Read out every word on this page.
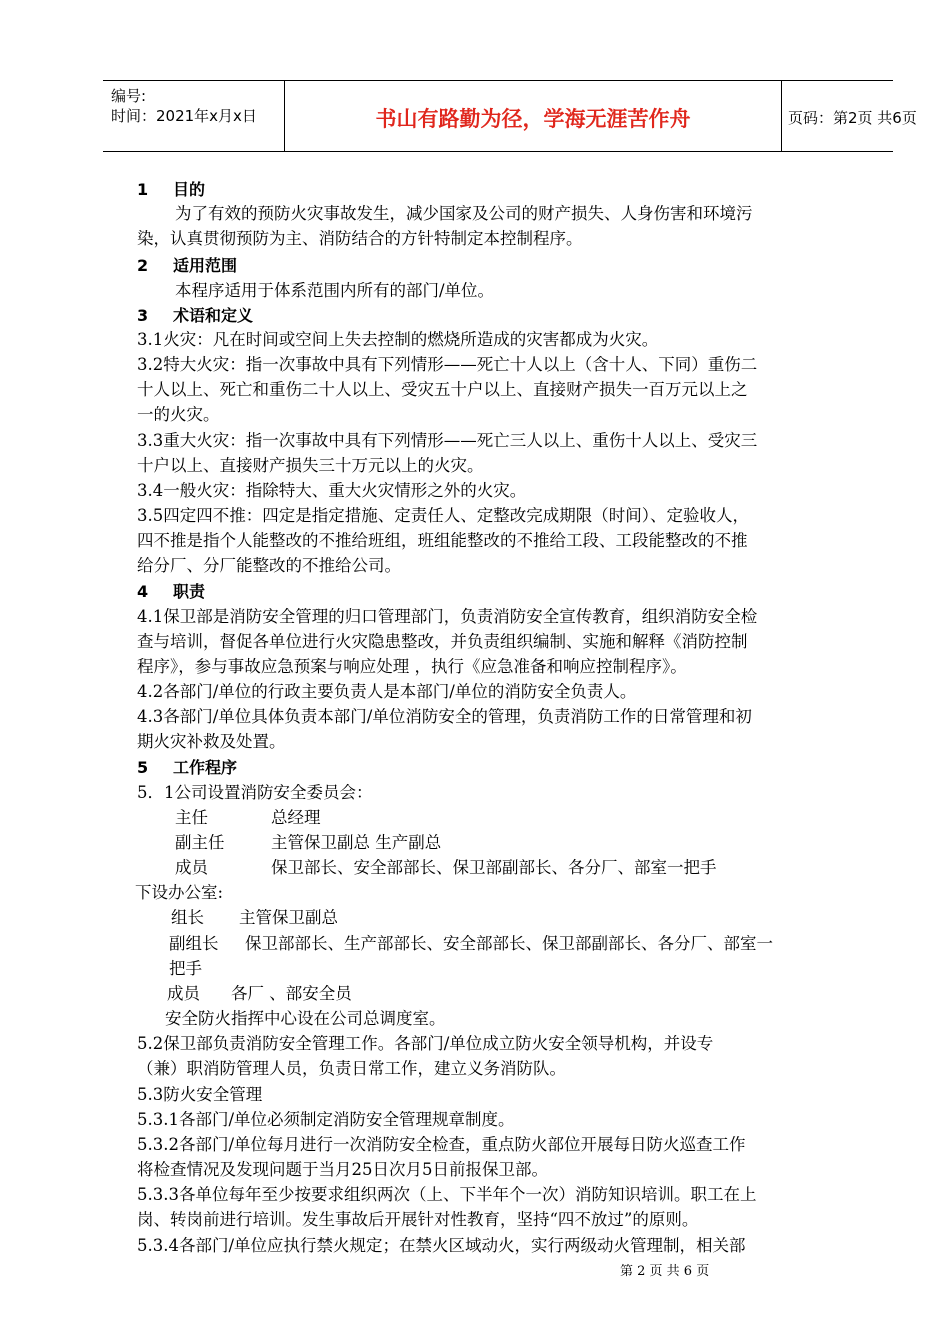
编号:
时间：2021年x月x日	书山有路勤为径，学海无涯苦作舟	页码：第2页 共6页
1 目的
为了有效的预防火灾事故发生，减少国家及公司的财产损失、人身伤害和环境污
染，认真贯彻预防为主、消防结合的方针特制定本控制程序。
2 适用范围
本程序适用于体系范围内所有的部门/单位。
3 术语和定义
3.1火灾：凡在时间或空间上失去控制的燃烧所造成的灾害都成为火灾。
3.2特大火灾：指一次事故中具有下列情形——死亡十人以上（含十人、下同）重伤二
十人以上、死亡和重伤二十人以上、受灾五十户以上、直接财产损失一百万元以上之
一的火灾。
3.3重大火灾：指一次事故中具有下列情形——死亡三人以上、重伤十人以上、受灾三
十户以上、直接财产损失三十万元以上的火灾。
3.4一般火灾：指除特大、重大火灾情形之外的火灾。
3.5四定四不推：四定是指定措施、定责任人、定整改完成期限（时间）、定验收人，
四不推是指个人能整改的不推给班组，班组能整改的不推给工段、工段能整改的不推
给分厂、分厂能整改的不推给公司。
4 职责
4.1保卫部是消防安全管理的归口管理部门，负责消防安全宣传教育，组织消防安全检
查与培训，督促各单位进行火灾隐患整改，并负责组织编制、实施和解释《消防控制
程序》，参与事故应急预案与响应处理 ，执行《应急准备和响应控制程序》。
4.2各部门/单位的行政主要负责人是本部门/单位的消防安全负责人。
4.3各部门/单位具体负责本部门/单位消防安全的管理，负责消防工作的日常管理和初
期火灾补救及处置。
5 工作程序
5．1公司设置消防安全委员会：
主任	总经理
副主任	主管保卫副总 生产副总
成员	保卫部长、安全部部长、保卫部副部长、各分厂、部室一把手
下设办公室:
组长 主管保卫副总
副组长 保卫部部长、生产部部长、安全部部长、保卫部副部长、各分厂、部室一
把手
成员 各厂 、部安全员
安全防火指挥中心设在公司总调度室。
5.2保卫部负责消防安全管理工作。各部门/单位成立防火安全领导机构，并设专
（兼）职消防管理人员，负责日常工作，建立义务消防队。
5.3防火安全管理
5.3.1各部门/单位必须制定消防安全管理规章制度。
5.3.2各部门/单位每月进行一次消防安全检查，重点防火部位开展每日防火巡查工作
将检查情况及发现问题于当月25日次月5日前报保卫部。
5.3.3各单位每年至少按要求组织两次（上、下半年个一次）消防知识培训。职工在上
岗、转岗前进行培训。发生事故后开展针对性教育，坚持“四不放过”的原则。
5.3.4各部门/单位应执行禁火规定；在禁火区域动火，实行两级动火管理制，相关部
第 2 页 共 6 页
